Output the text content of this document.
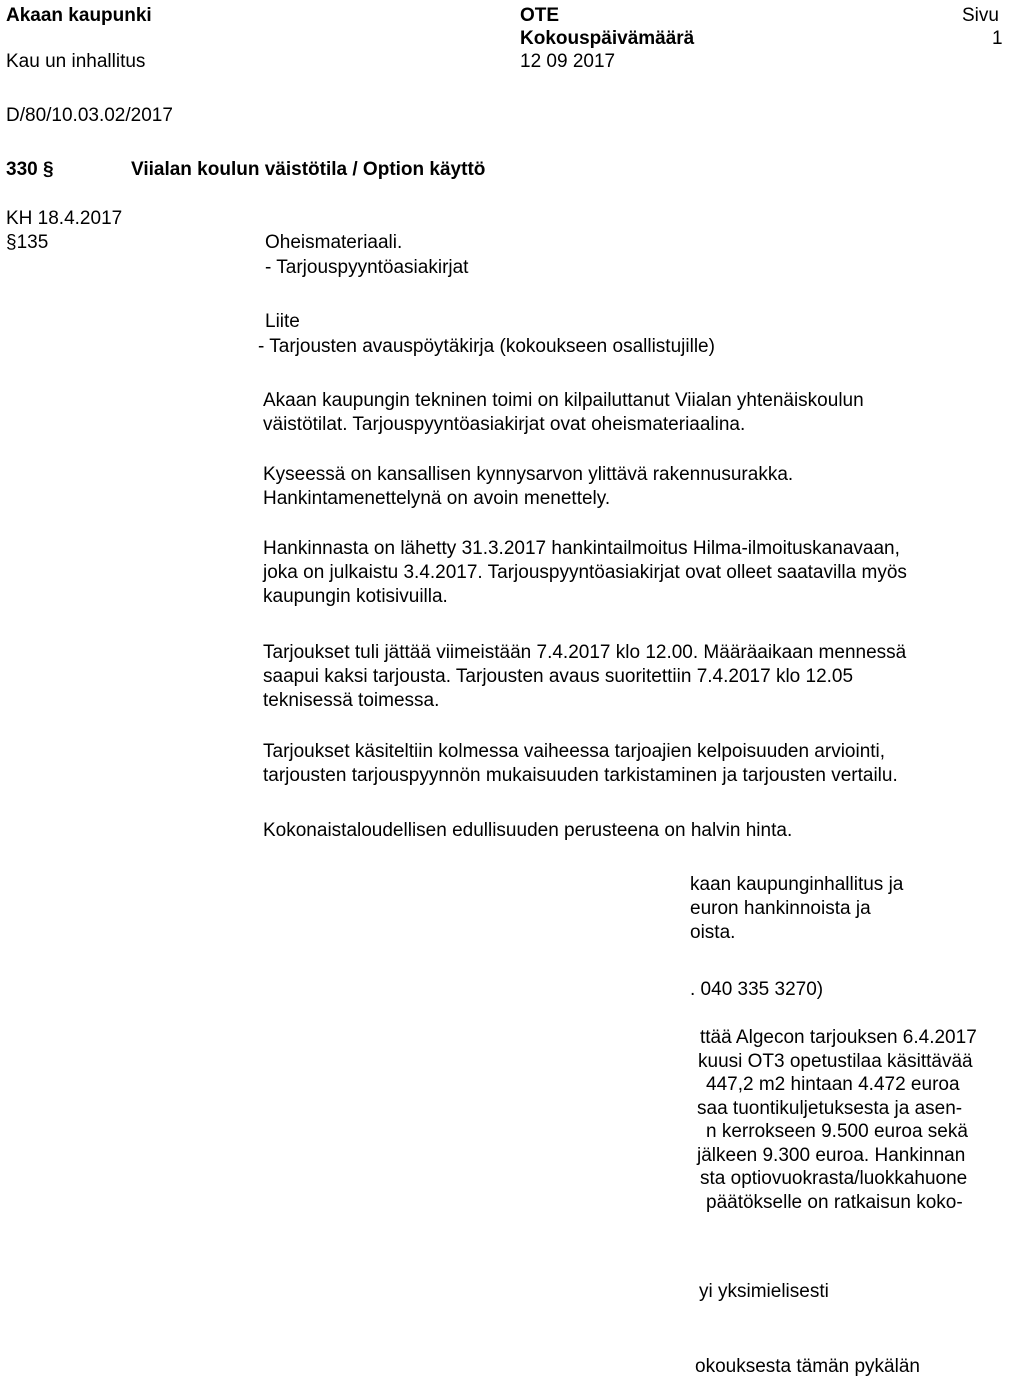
Akaan kaupunki
Kau un inhallitus
OTE
Kokouspäivämäärä
12 09 2017
Sivu
1
D/80/10.03.02/2017
330 §	Viialan koulun väistötila / Option käyttö
KH 18.4.2017
§135	Oheismateriaali.
- Tarjouspyyntöasiakirjat
Liite
- Tarjousten avauspöytäkirja (kokoukseen osallistujille)
Akaan kaupungin tekninen toimi on kilpailuttanut Viialan yhtenäiskoulun
väistötilat. Tarjouspyyntöasiakirjat ovat oheismateriaalina.
Kyseessä on kansallisen kynnysarvon ylittävä rakennusurakka.
Hankintamenettelynä on avoin menettely.
Hankinnasta on lähetty 31.3.2017 hankintailmoitus Hilma-ilmoituskanavaan,
joka on julkaistu 3.4.2017. Tarjouspyyntöasiakirjat ovat olleet saatavilla myös
kaupungin kotisivuilla.
Tarjoukset tuli jättää viimeistään 7.4.2017 klo 12.00. Määräaikaan mennessä
saapui kaksi tarjousta. Tarjousten avaus suoritettiin 7.4.2017 klo 12.05
teknisessä toimessa.
Tarjoukset käsiteltiin kolmessa vaiheessa tarjoajien kelpoisuuden arviointi,
tarjousten tarjouspyynnön mukaisuuden tarkistaminen ja tarjousten vertailu.
Kokonaistaloudellisen edullisuuden perusteena on halvin hinta.
kaan kaupunginhallitus ja
euron hankinnoista ja
oista.
. 040 335 3270)
ttää Algecon tarjouksen 6.4.2017
kuusi OT3 opetustilaa käsittävää
447,2 m2 hintaan 4.472 euroa
saa tuontikuljetuksesta ja asen-
n kerrokseen 9.500 euroa sekä
jälkeen 9.300 euroa. Hankinnan
sta optiovuokrasta/luokkahuone
päätökselle on ratkaisun koko-
yi yksimielisesti
okouksesta tämän pykälän
